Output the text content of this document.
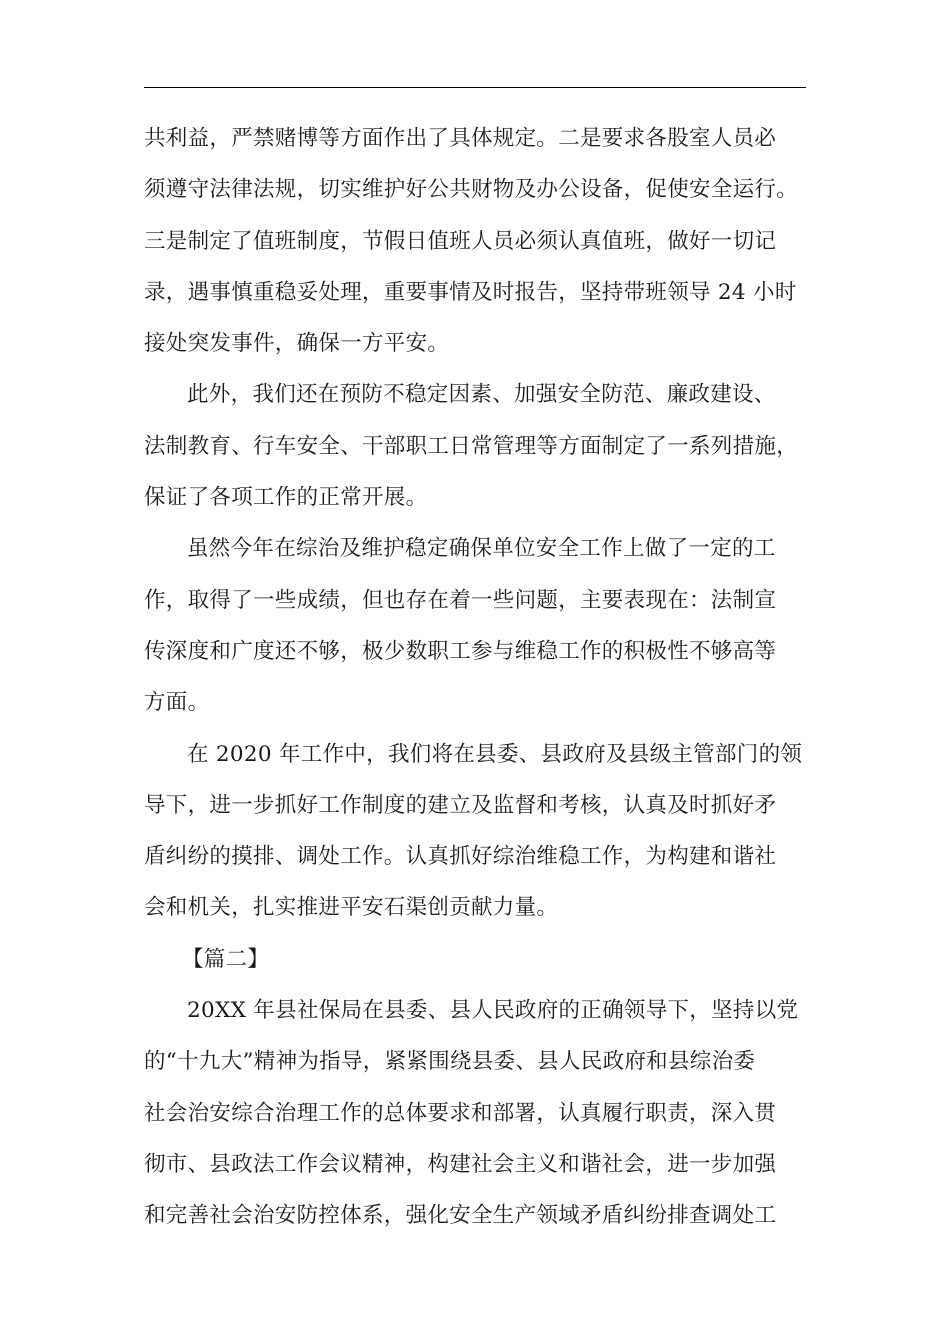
共利益，严禁赌博等方面作出了具体规定。二是要求各股室人员必
须遵守法律法规，切实维护好公共财物及办公设备，促使安全运行。
三是制定了值班制度，节假日值班人员必须认真值班，做好一切记
录，遇事慎重稳妥处理，重要事情及时报告，坚持带班领导 24 小时
接处突发事件，确保一方平安。
此外，我们还在预防不稳定因素、加强安全防范、廉政建设、
法制教育、行车安全、干部职工日常管理等方面制定了一系列措施，
保证了各项工作的正常开展。
虽然今年在综治及维护稳定确保单位安全工作上做了一定的工
作，取得了一些成绩，但也存在着一些问题，主要表现在：法制宣
传深度和广度还不够，极少数职工参与维稳工作的积极性不够高等
方面。
在 2020 年工作中，我们将在县委、县政府及县级主管部门的领
导下，进一步抓好工作制度的建立及监督和考核，认真及时抓好矛
盾纠纷的摸排、调处工作。认真抓好综治维稳工作，为构建和谐社
会和机关，扎实推进平安石渠创贡献力量。
【篇二】
20XX 年县社保局在县委、县人民政府的正确领导下，坚持以党
的“十九大”精神为指导，紧紧围绕县委、县人民政府和县综治委
社会治安综合治理工作的总体要求和部署，认真履行职责，深入贯
彻市、县政法工作会议精神，构建社会主义和谐社会，进一步加强
和完善社会治安防控体系，强化安全生产领域矛盾纠纷排查调处工
